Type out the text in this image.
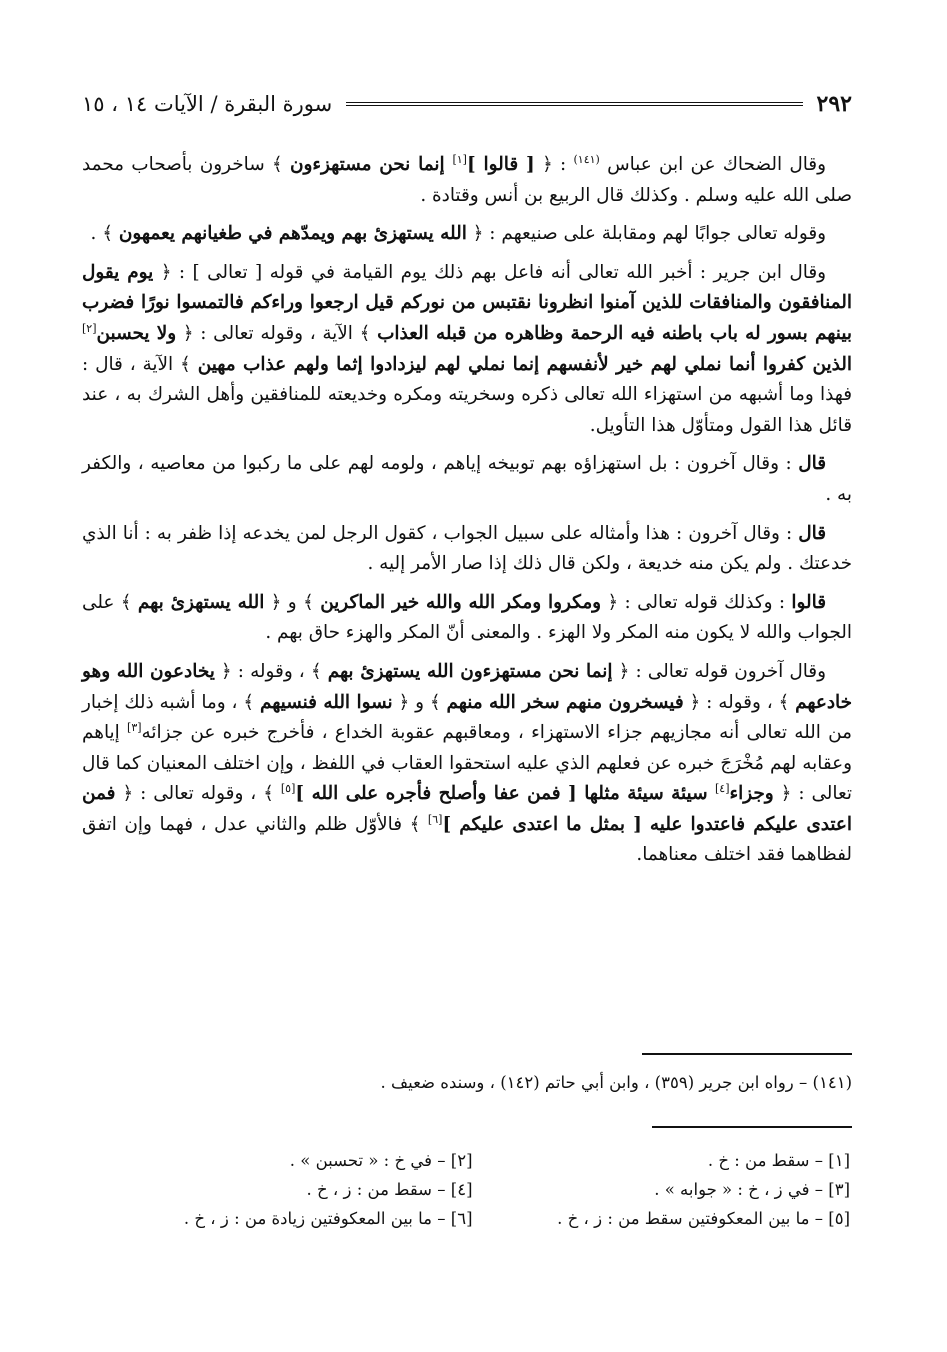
٢٩٢
سورة البقرة / الآيات ١٤ ، ١٥

وقال الضحاك عن ابن عباس $^{(١٤١)}$ : ﴿ [ قالوا ][١] إنما نحن مستهزءون ﴾ ساخرون بأصحاب محمد صلى الله عليه وسلم . وكذلك قال الربيع بن أنس وقتادة .

وقوله تعالى جوابًا لهم ومقابلة على صنيعهم : ﴿ الله يستهزئ بهم ويمدّهم في طغيانهم يعمهون ﴾ .

وقال ابن جرير : أخبر الله تعالى أنه فاعل بهم ذلك يوم القيامة في قوله [ تعالى ] : ﴿ يوم يقول المنافقون والمنافقات للذين آمنوا انظرونا نقتبس من نوركم قيل ارجعوا وراءكم فالتمسوا نورًا فضرب بينهم بسور له باب باطنه فيه الرحمة وظاهره من قبله العذاب ﴾ الآية ، وقوله تعالى : ﴿ ولا يحسبن[٢] الذين كفروا أنما نملي لهم خير لأنفسهم إنما نملي لهم ليزدادوا إثما ولهم عذاب مهين ﴾ الآية ، قال : فهذا وما أشبهه من استهزاء الله تعالى ذكره وسخريته ومكره وخديعته للمنافقين وأهل الشرك به ، عند قائل هذا القول ومتأوّل هذا التأويل.

قال : وقال آخرون : بل استهزاؤه بهم توبيخه إياهم ، ولومه لهم على ما ركبوا من معاصيه ، والكفر به .

قال : وقال آخرون : هذا وأمثاله على سبيل الجواب ، كقول الرجل لمن يخدعه إذا ظفر به : أنا الذي خدعتك . ولم يكن منه خديعة ، ولكن قال ذلك إذا صار الأمر إليه .

قالوا : وكذلك قوله تعالى : ﴿ ومكروا ومكر الله والله خير الماكرين ﴾ و ﴿ الله يستهزئ بهم ﴾ على الجواب والله لا يكون منه المكر ولا الهزء . والمعنى أنّ المكر والهزء حاق بهم .

وقال آخرون قوله تعالى : ﴿ إنما نحن مستهزءون الله يستهزئ بهم ﴾ ، وقوله : ﴿ يخادعون الله وهو خادعهم ﴾ ، وقوله : ﴿ فيسخرون منهم سخر الله منهم ﴾ و ﴿ نسوا الله فنسيهم ﴾ ، وما أشبه ذلك إخبار من الله تعالى أنه مجازيهم جزاء الاستهزاء ، ومعاقبهم عقوبة الخداع ، فأخرج خبره عن جزائه[٣] إياهم وعقابه لهم مُخْرَجَ خبره عن فعلهم الذي عليه استحقوا العقاب في اللفظ ، وإن اختلف المعنيان كما قال تعالى : ﴿ وجزاء[٤] سيئة سيئة مثلها [ فمن عفا وأصلح فأجره على الله ][٥] ﴾ ، وقوله تعالى : ﴿ فمن اعتدى عليكم فاعتدوا عليه [ بمثل ما اعتدى عليكم ][٦] ﴾ فالأوّل ظلم والثاني عدل ، فهما وإن اتفق لفظاهما فقد اختلف معناهما.

(١٤١) – رواه ابن جرير (٣٥٩) ، وابن أبي حاتم (١٤٢) ، وسنده ضعيف .
[١] – سقط من : خ .
[٢] – في خ : « تحسبن » .
[٣] – في ز ، خ : « جوابه » .
[٤] – سقط من : ز ، خ .
[٥] – ما بين المعكوفتين سقط من : ز ، خ .
[٦] – ما بين المعكوفتين زيادة من : ز ، خ .
